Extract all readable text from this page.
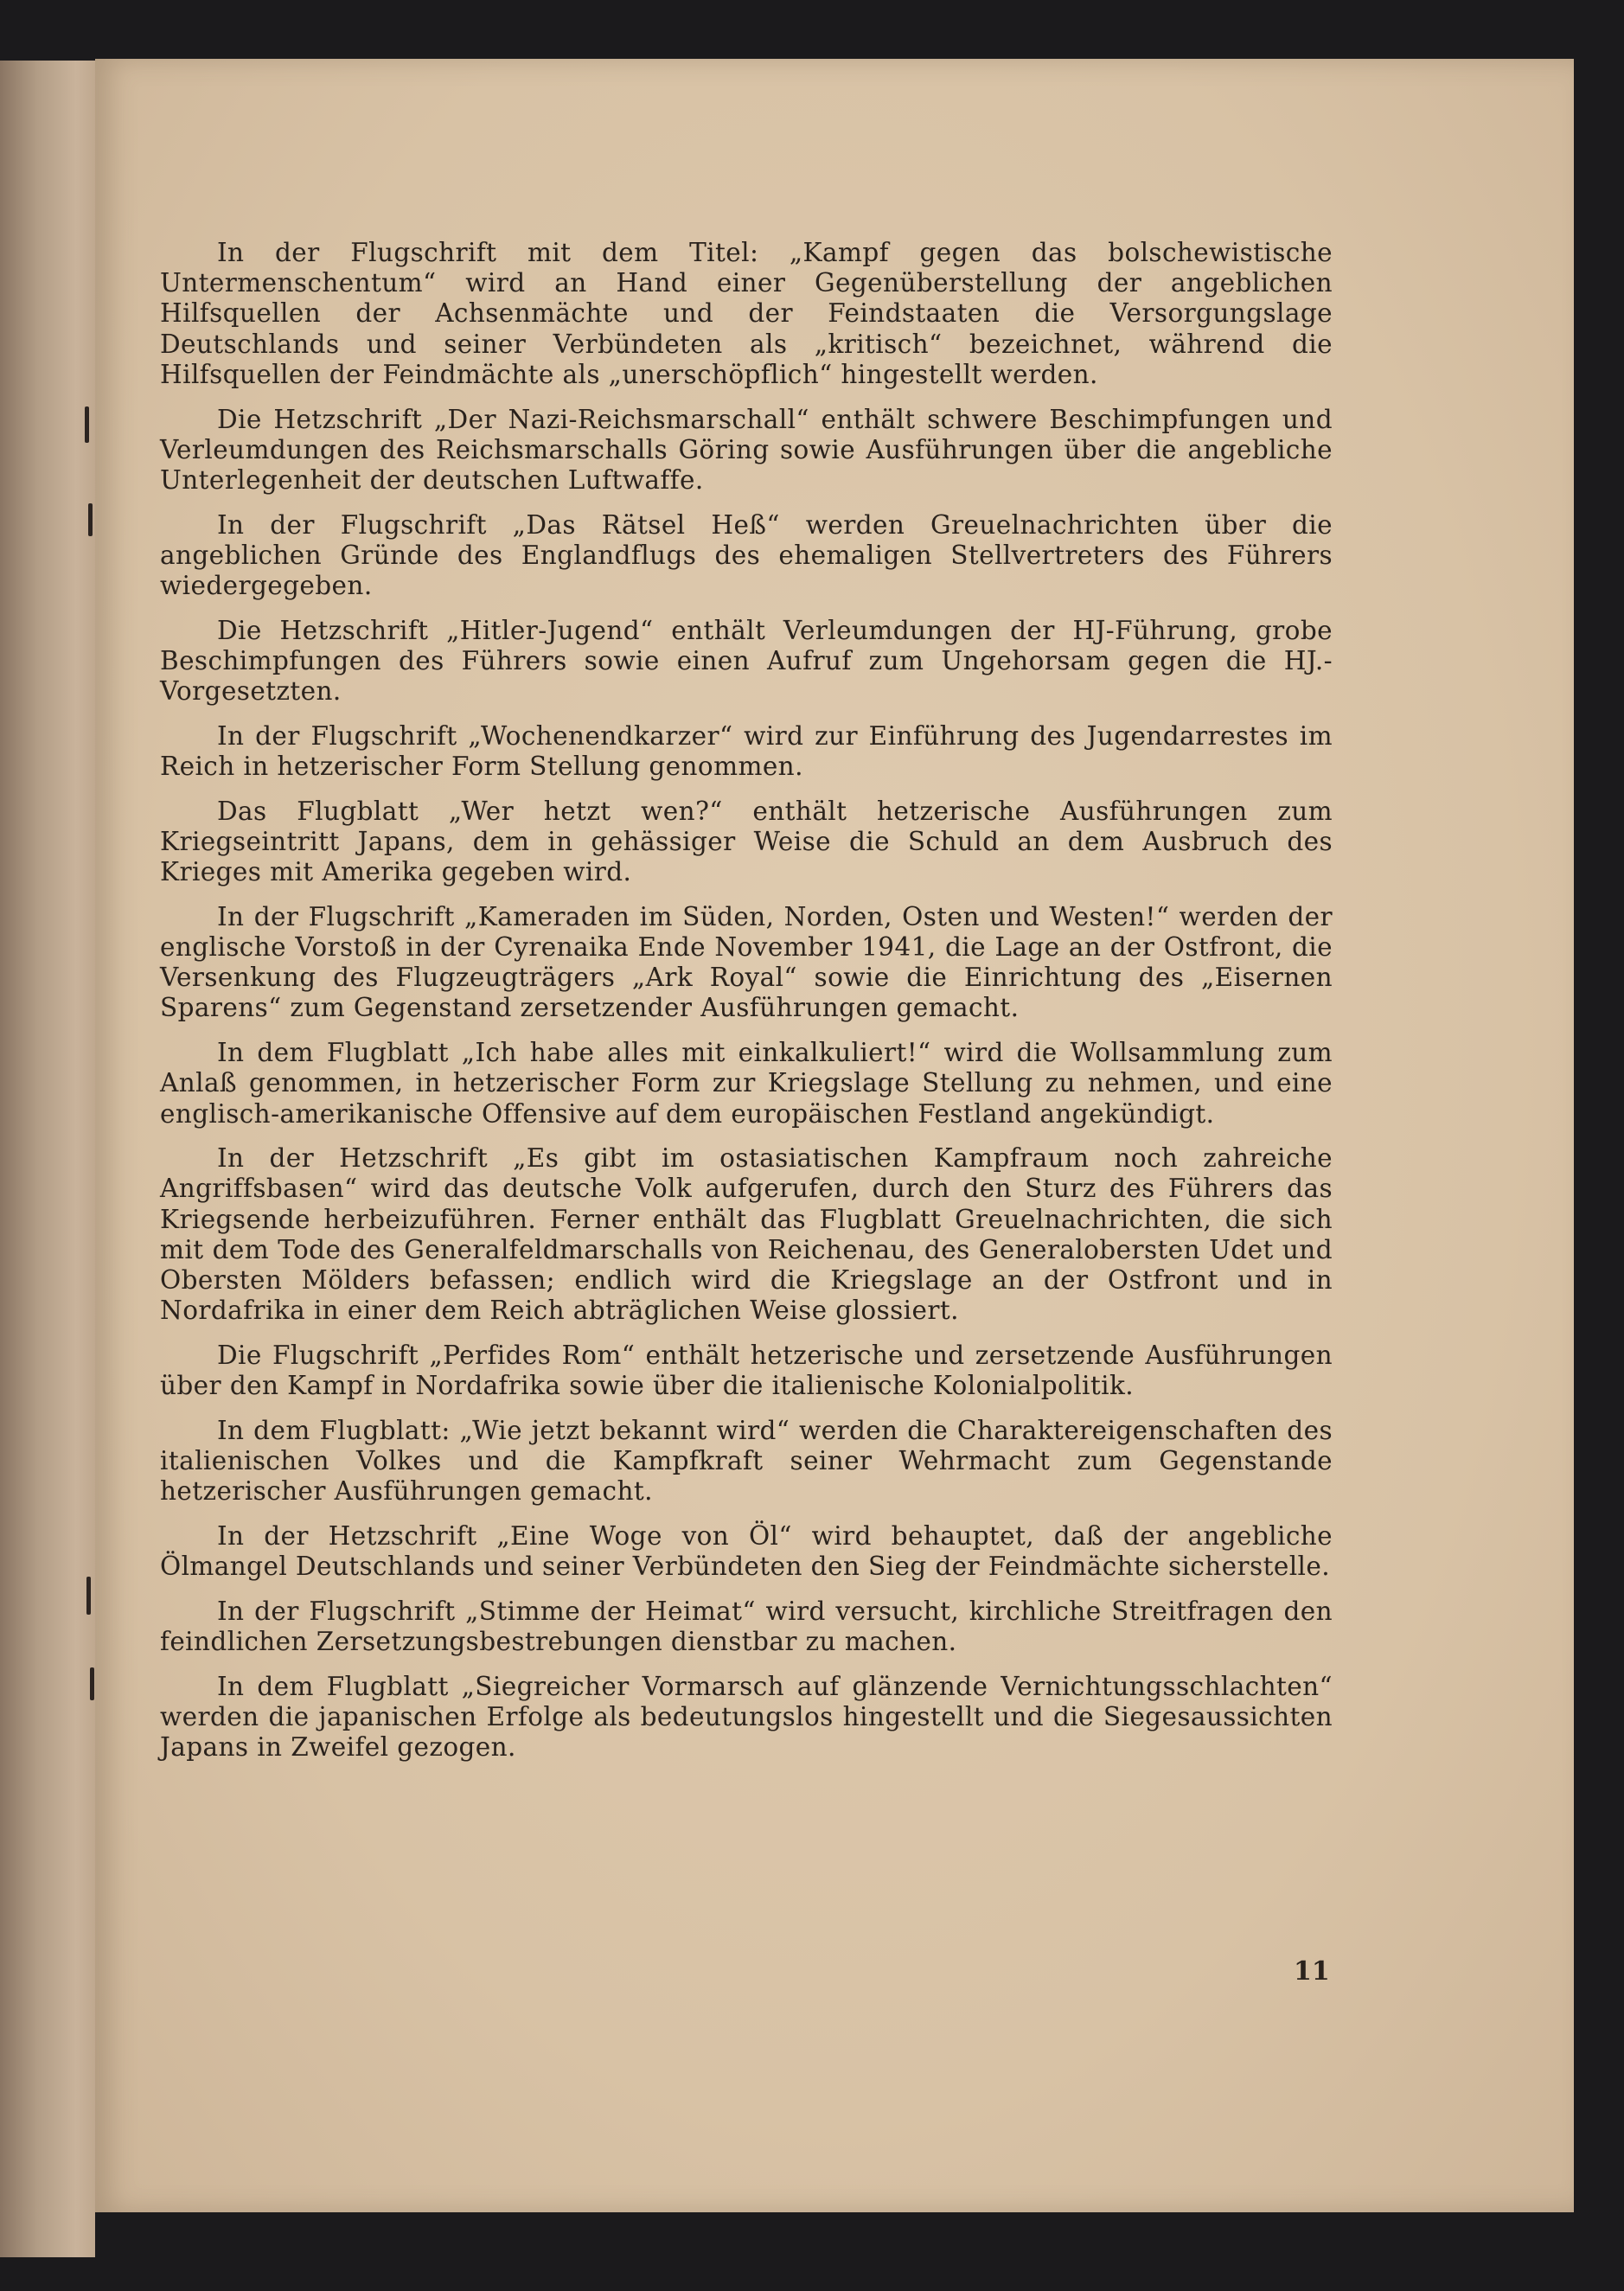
In der Flugschrift mit dem Titel: „Kampf gegen das bolschewistische Untermenschentum“ wird an Hand einer Gegenüberstellung der angeblichen Hilfsquellen der Achsenmächte und der Feindstaaten die Versorgungslage Deutschlands und seiner Verbündeten als „kritisch“ bezeichnet, während die Hilfsquellen der Feindmächte als „unerschöpflich“ hingestellt werden.

Die Hetzschrift „Der Nazi-Reichsmarschall“ enthält schwere Beschimpfungen und Verleumdungen des Reichsmarschalls Göring sowie Ausführungen über die angebliche Unterlegenheit der deutschen Luftwaffe.

In der Flugschrift „Das Rätsel Heß“ werden Greuelnachrichten über die angeblichen Gründe des Englandflugs des ehemaligen Stellvertreters des Führers wiedergegeben.

Die Hetzschrift „Hitler-Jugend“ enthält Verleumdungen der HJ-Führung, grobe Beschimpfungen des Führers sowie einen Aufruf zum Ungehorsam gegen die HJ.-Vorgesetzten.

In der Flugschrift „Wochenendkarzer“ wird zur Einführung des Jugendarrestes im Reich in hetzerischer Form Stellung genommen.

Das Flugblatt „Wer hetzt wen?“ enthält hetzerische Ausführungen zum Kriegseintritt Japans, dem in gehässiger Weise die Schuld an dem Ausbruch des Krieges mit Amerika gegeben wird.

In der Flugschrift „Kameraden im Süden, Norden, Osten und Westen!“ werden der englische Vorstoß in der Cyrenaika Ende November 1941, die Lage an der Ostfront, die Versenkung des Flugzeugträgers „Ark Royal“ sowie die Einrichtung des „Eisernen Sparens“ zum Gegenstand zersetzender Ausführungen gemacht.

In dem Flugblatt „Ich habe alles mit einkalkuliert!“ wird die Wollsammlung zum Anlaß genommen, in hetzerischer Form zur Kriegslage Stellung zu nehmen, und eine englisch-amerikanische Offensive auf dem europäischen Festland angekündigt.

In der Hetzschrift „Es gibt im ostasiatischen Kampfraum noch zahreiche Angriffsbasen“ wird das deutsche Volk aufgerufen, durch den Sturz des Führers das Kriegsende herbeizuführen. Ferner enthält das Flugblatt Greuelnachrichten, die sich mit dem Tode des Generalfeldmarschalls von Reichenau, des Generalobersten Udet und Obersten Mölders befassen; endlich wird die Kriegslage an der Ostfront und in Nordafrika in einer dem Reich abträglichen Weise glossiert.

Die Flugschrift „Perfides Rom“ enthält hetzerische und zersetzende Ausführungen über den Kampf in Nordafrika sowie über die italienische Kolonialpolitik.

In dem Flugblatt: „Wie jetzt bekannt wird“ werden die Charaktereigenschaften des italienischen Volkes und die Kampfkraft seiner Wehrmacht zum Gegenstande hetzerischer Ausführungen gemacht.

In der Hetzschrift „Eine Woge von Öl“ wird behauptet, daß der angebliche Ölmangel Deutschlands und seiner Verbündeten den Sieg der Feindmächte sicherstelle.

In der Flugschrift „Stimme der Heimat“ wird versucht, kirchliche Streitfragen den feindlichen Zersetzungsbestrebungen dienstbar zu machen.

In dem Flugblatt „Siegreicher Vormarsch auf glänzende Vernichtungsschlachten“ werden die japanischen Erfolge als bedeutungslos hingestellt und die Siegesaussichten Japans in Zweifel gezogen.

11
